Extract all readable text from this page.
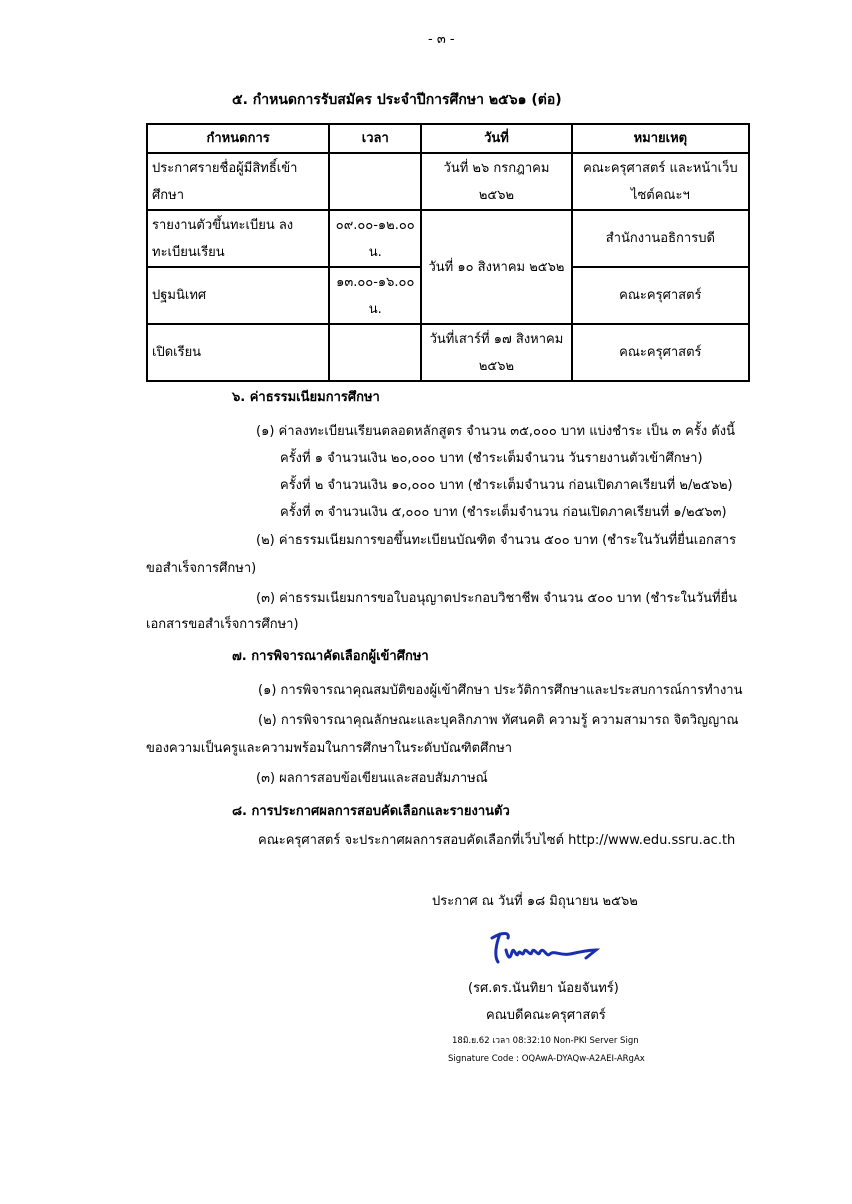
- ๓ -
๕. กำหนดการรับสมัคร ประจำปีการศึกษา ๒๕๖๑ (ต่อ)
กำหนดการ	เวลา	วันที่	หมายเหตุ
ประกาศรายชื่อผู้มีสิทธิ์เข้าศึกษา		วันที่ ๒๖ กรกฎาคม ๒๕๖๒	คณะครุศาสตร์ และหน้าเว็บไซต์คณะฯ
รายงานตัวขึ้นทะเบียน ลงทะเบียนเรียน	๐๙.๐๐-๑๒.๐๐ น.	วันที่ ๑๐ สิงหาคม ๒๕๖๒	สำนักงานอธิการบดี
ปฐมนิเทศ	๑๓.๐๐-๑๖.๐๐ น.		คณะครุศาสตร์
เปิดเรียน		วันที่เสาร์ที่ ๑๗ สิงหาคม ๒๕๖๒	คณะครุศาสตร์
๖. ค่าธรรมเนียมการศึกษา
(๑) ค่าลงทะเบียนเรียนตลอดหลักสูตร จำนวน ๓๕,๐๐๐ บาท แบ่งชำระ เป็น ๓ ครั้ง ดังนี้
ครั้งที่ ๑ จำนวนเงิน ๒๐,๐๐๐ บาท (ชำระเต็มจำนวน วันรายงานตัวเข้าศึกษา)
ครั้งที่ ๒ จำนวนเงิน ๑๐,๐๐๐ บาท (ชำระเต็มจำนวน ก่อนเปิดภาคเรียนที่ ๒/๒๕๖๒)
ครั้งที่ ๓ จำนวนเงิน ๕,๐๐๐ บาท (ชำระเต็มจำนวน ก่อนเปิดภาคเรียนที่ ๑/๒๕๖๓)
(๒) ค่าธรรมเนียมการขอขึ้นทะเบียนบัณฑิต จำนวน ๕๐๐ บาท (ชำระในวันที่ยื่นเอกสาร
ขอสำเร็จการศึกษา)
(๓) ค่าธรรมเนียมการขอใบอนุญาตประกอบวิชาชีพ จำนวน ๕๐๐ บาท (ชำระในวันที่ยื่น
เอกสารขอสำเร็จการศึกษา)
๗. การพิจารณาคัดเลือกผู้เข้าศึกษา
(๑) การพิจารณาคุณสมบัติของผู้เข้าศึกษา ประวัติการศึกษาและประสบการณ์การทำงาน
(๒) การพิจารณาคุณลักษณะและบุคลิกภาพ ทัศนคติ ความรู้ ความสามารถ จิตวิญญาณ
ของความเป็นครูและความพร้อมในการศึกษาในระดับบัณฑิตศึกษา
(๓) ผลการสอบข้อเขียนและสอบสัมภาษณ์
๘. การประกาศผลการสอบคัดเลือกและรายงานตัว
คณะครุศาสตร์ จะประกาศผลการสอบคัดเลือกที่เว็บไซต์ http://www.edu.ssru.ac.th
ประกาศ ณ วันที่ ๑๘ มิถุนายน ๒๕๖๒
(รศ.ดร.นันทิยา น้อยจันทร์)
คณบดีคณะครุศาสตร์
18มิ.ย.62 เวลา 08:32:10 Non-PKI Server Sign
Signature Code : OQAwA-DYAQw-A2AEI-ARgAx
